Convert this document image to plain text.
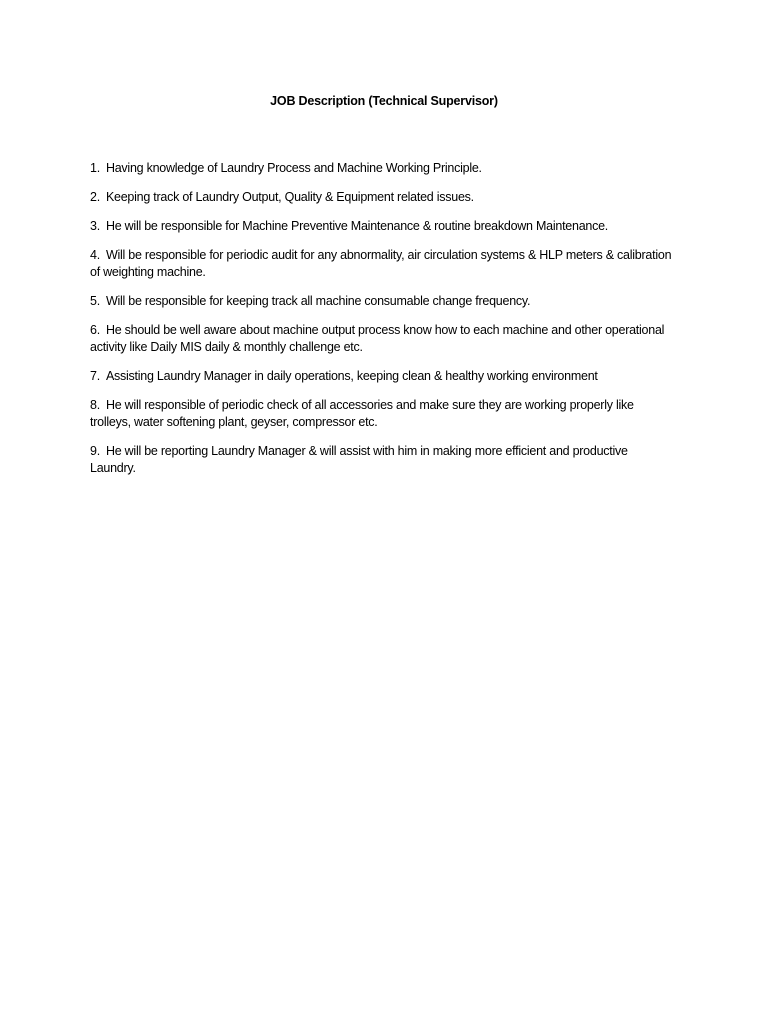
JOB Description (Technical Supervisor)
1. Having knowledge of Laundry Process and Machine Working Principle.
2. Keeping track of Laundry Output, Quality & Equipment related issues.
3. He will be responsible for Machine Preventive Maintenance & routine breakdown Maintenance.
4. Will be responsible for periodic audit for any abnormality, air circulation systems & HLP meters & calibration of weighting machine.
5. Will be responsible for keeping track all machine consumable change frequency.
6. He should be well aware about machine output process know how to each machine and other operational activity like Daily MIS daily & monthly challenge etc.
7. Assisting Laundry Manager in daily operations, keeping clean & healthy working environment
8. He will responsible of periodic check of all accessories and make sure they are working properly like trolleys, water softening plant, geyser, compressor etc.
9. He will be reporting Laundry Manager & will assist with him in making more efficient and productive Laundry.
